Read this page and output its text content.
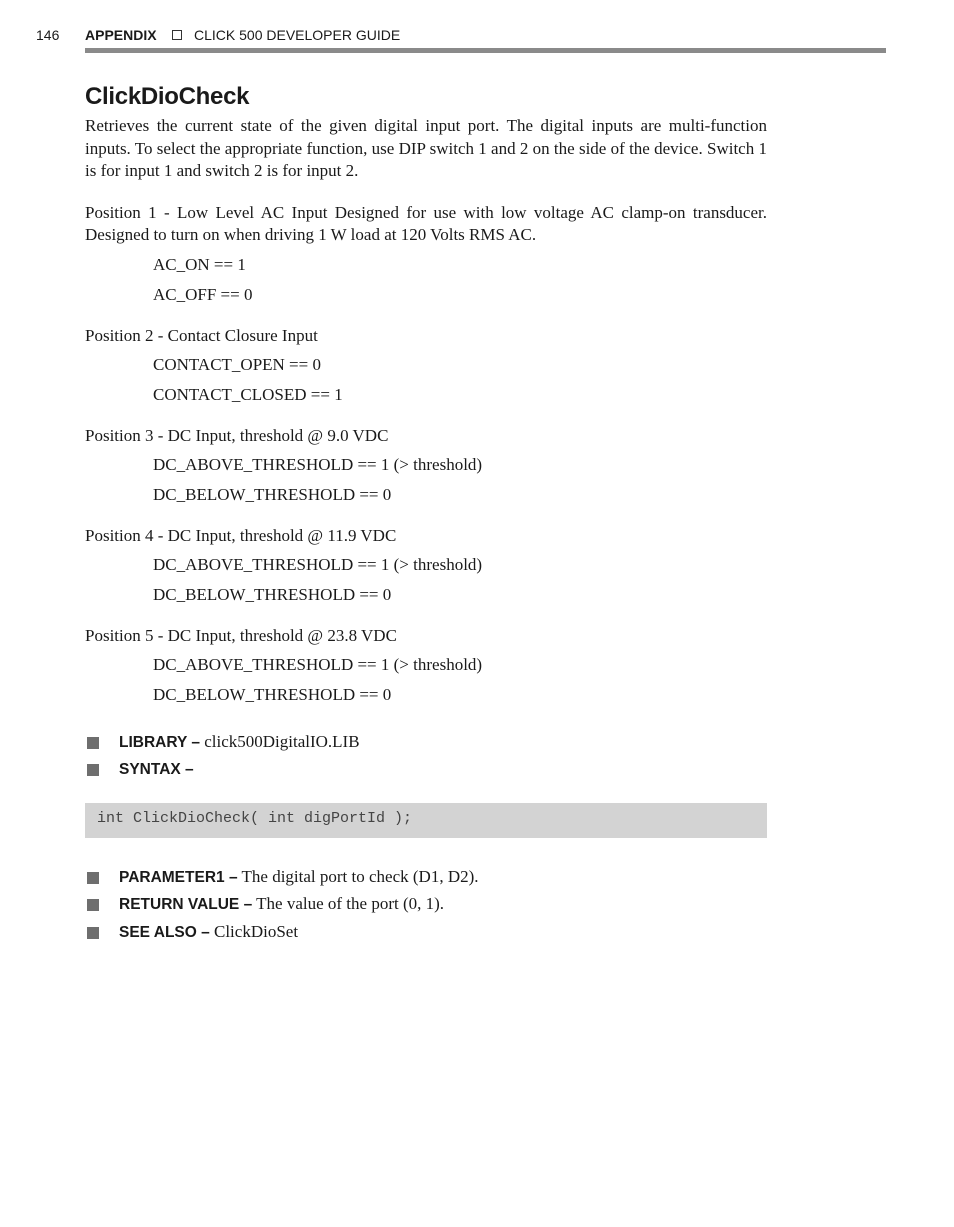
146 APPENDIX	CLICK 500 DEVELOPER GUIDE
ClickDioCheck

Retrieves the current state of the given digital input port. The digital inputs are multi-function inputs. To select the appropriate function, use DIP switch 1 and 2 on the side of the device. Switch 1 is for input 1 and switch 2 is for input 2.

Position 1 - Low Level AC Input Designed for use with low voltage AC clamp-on transducer. Designed to turn on when driving 1 W load at 120 Volts RMS AC.

AC_ON == 1
AC_OFF == 0
Position 2 - Contact Closure Input
CONTACT_OPEN == 0
CONTACT_CLOSED == 1
Position 3 - DC Input, threshold @ 9.0 VDC
DC_ABOVE_THRESHOLD == 1 (> threshold)
DC_BELOW_THRESHOLD == 0
Position 4 - DC Input, threshold @ 11.9 VDC
DC_ABOVE_THRESHOLD == 1 (> threshold)
DC_BELOW_THRESHOLD == 0
Position 5 - DC Input, threshold @ 23.8 VDC
DC_ABOVE_THRESHOLD == 1 (> threshold)
DC_BELOW_THRESHOLD == 0
LIBRARY – click500DigitalIO.LIB
SYNTAX –
int ClickDioCheck( int digPortId );
PARAMETER1 – The digital port to check (D1, D2).
RETURN VALUE – The value of the port (0, 1).
SEE ALSO – ClickDioSet
